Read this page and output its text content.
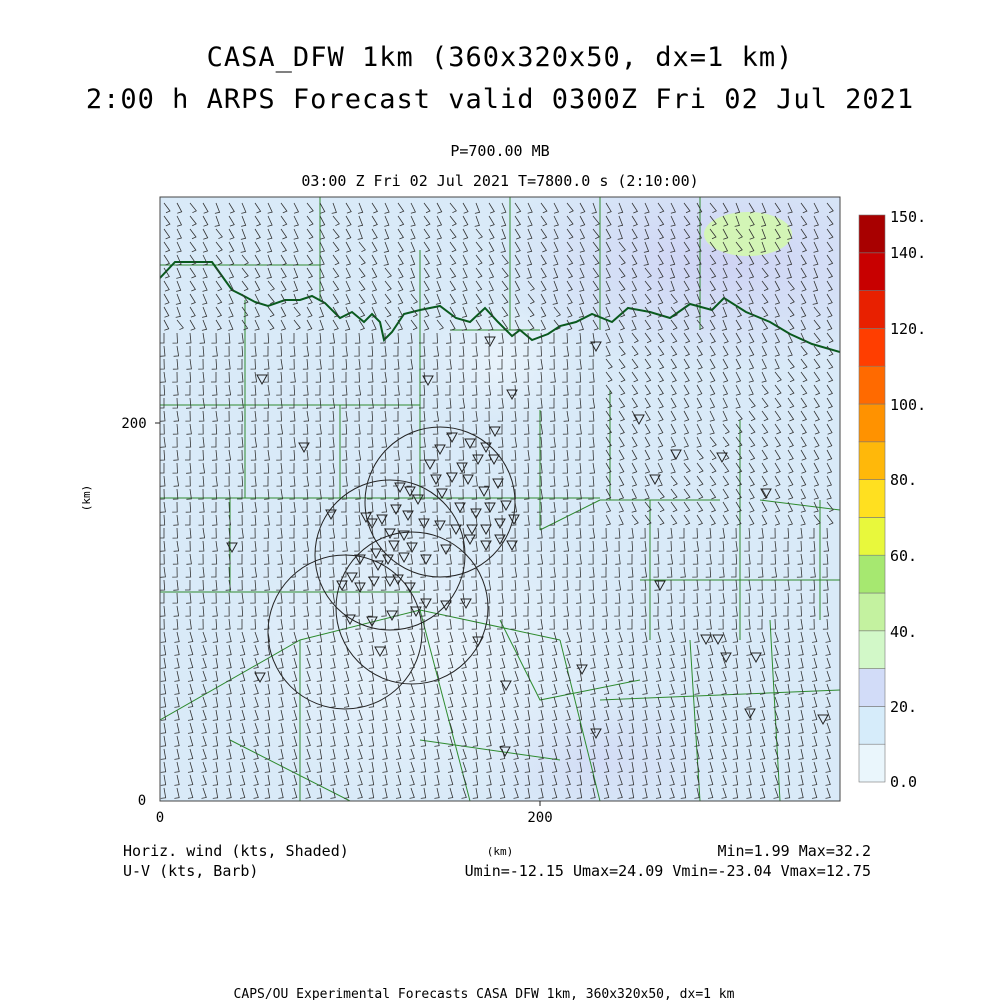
CASA_DFW 1km (360x320x50, dx=1 km)
2:00 h ARPS Forecast valid 0300Z Fri 02 Jul 2021
P=700.00 MB
03:00 Z Fri 02 Jul 2021 T=7800.0 s (2:10:00)
0
200
0	200
(km)
(km)
150.
140.
120.
100.
80.
60.
40.
20.
0.0
Horiz. wind (kts, Shaded)
U-V (kts, Barb)
Min=1.99 Max=32.2
Umin=-12.15 Umax=24.09 Vmin=-23.04 Vmax=12.75
CAPS/OU Experimental Forecasts CASA DFW 1km, 360x320x50, dx=1 km
